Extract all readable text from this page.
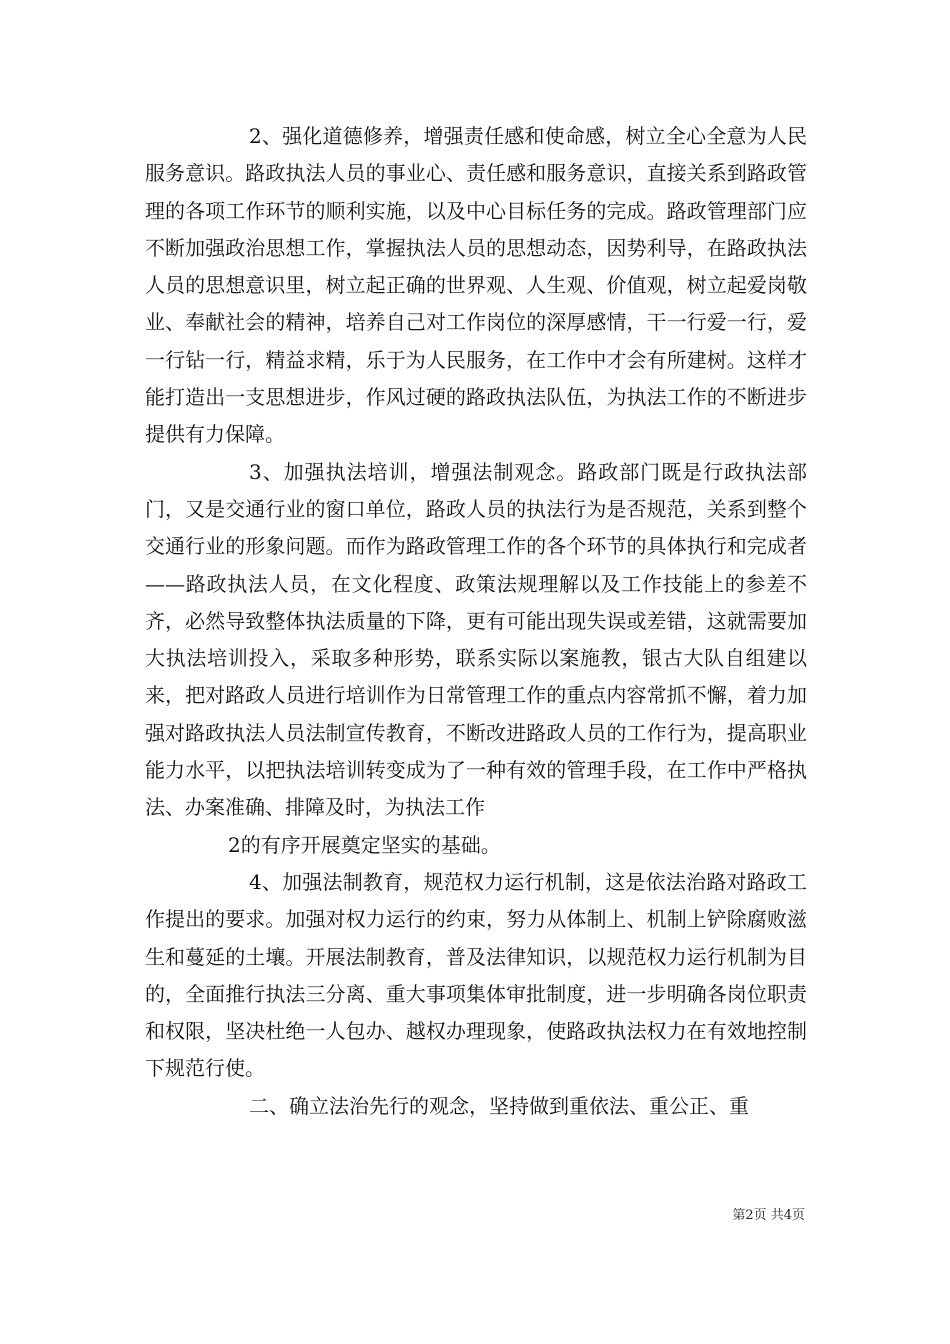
2、强化道德修养，增强责任感和使命感，树立全心全意为人民服务意识。路政执法人员的事业心、责任感和服务意识，直接关系到路政管理的各项工作环节的顺利实施，以及中心目标任务的完成。路政管理部门应不断加强政治思想工作，掌握执法人员的思想动态，因势利导，在路政执法人员的思想意识里，树立起正确的世界观、人生观、价值观，树立起爱岗敬业、奉献社会的精神，培养自己对工作岗位的深厚感情，干一行爱一行，爱一行钻一行，精益求精，乐于为人民服务，在工作中才会有所建树。这样才能打造出一支思想进步，作风过硬的路政执法队伍，为执法工作的不断进步提供有力保障。

3、加强执法培训，增强法制观念。路政部门既是行政执法部门，又是交通行业的窗口单位，路政人员的执法行为是否规范，关系到整个交通行业的形象问题。而作为路政管理工作的各个环节的具体执行和完成者——路政执法人员，在文化程度、政策法规理解以及工作技能上的参差不齐，必然导致整体执法质量的下降，更有可能出现失误或差错，这就需要加大执法培训投入，采取多种形势，联系实际以案施教，银古大队自组建以来，把对路政人员进行培训作为日常管理工作的重点内容常抓不懈，着力加强对路政执法人员法制宣传教育，不断改进路政人员的工作行为，提高职业能力水平，以把执法培训转变成为了一种有效的管理手段，在工作中严格执法、办案准确、排障及时，为执法工作

2的有序开展奠定坚实的基础。

4、加强法制教育，规范权力运行机制，这是依法治路对路政工作提出的要求。加强对权力运行的约束，努力从体制上、机制上铲除腐败滋生和蔓延的土壤。开展法制教育，普及法律知识，以规范权力运行机制为目的，全面推行执法三分离、重大事项集体审批制度，进一步明确各岗位职责和权限，坚决杜绝一人包办、越权办理现象，使路政执法权力在有效地控制下规范行使。

二、确立法治先行的观念，坚持做到重依法、重公正、重

第2页 共4页
